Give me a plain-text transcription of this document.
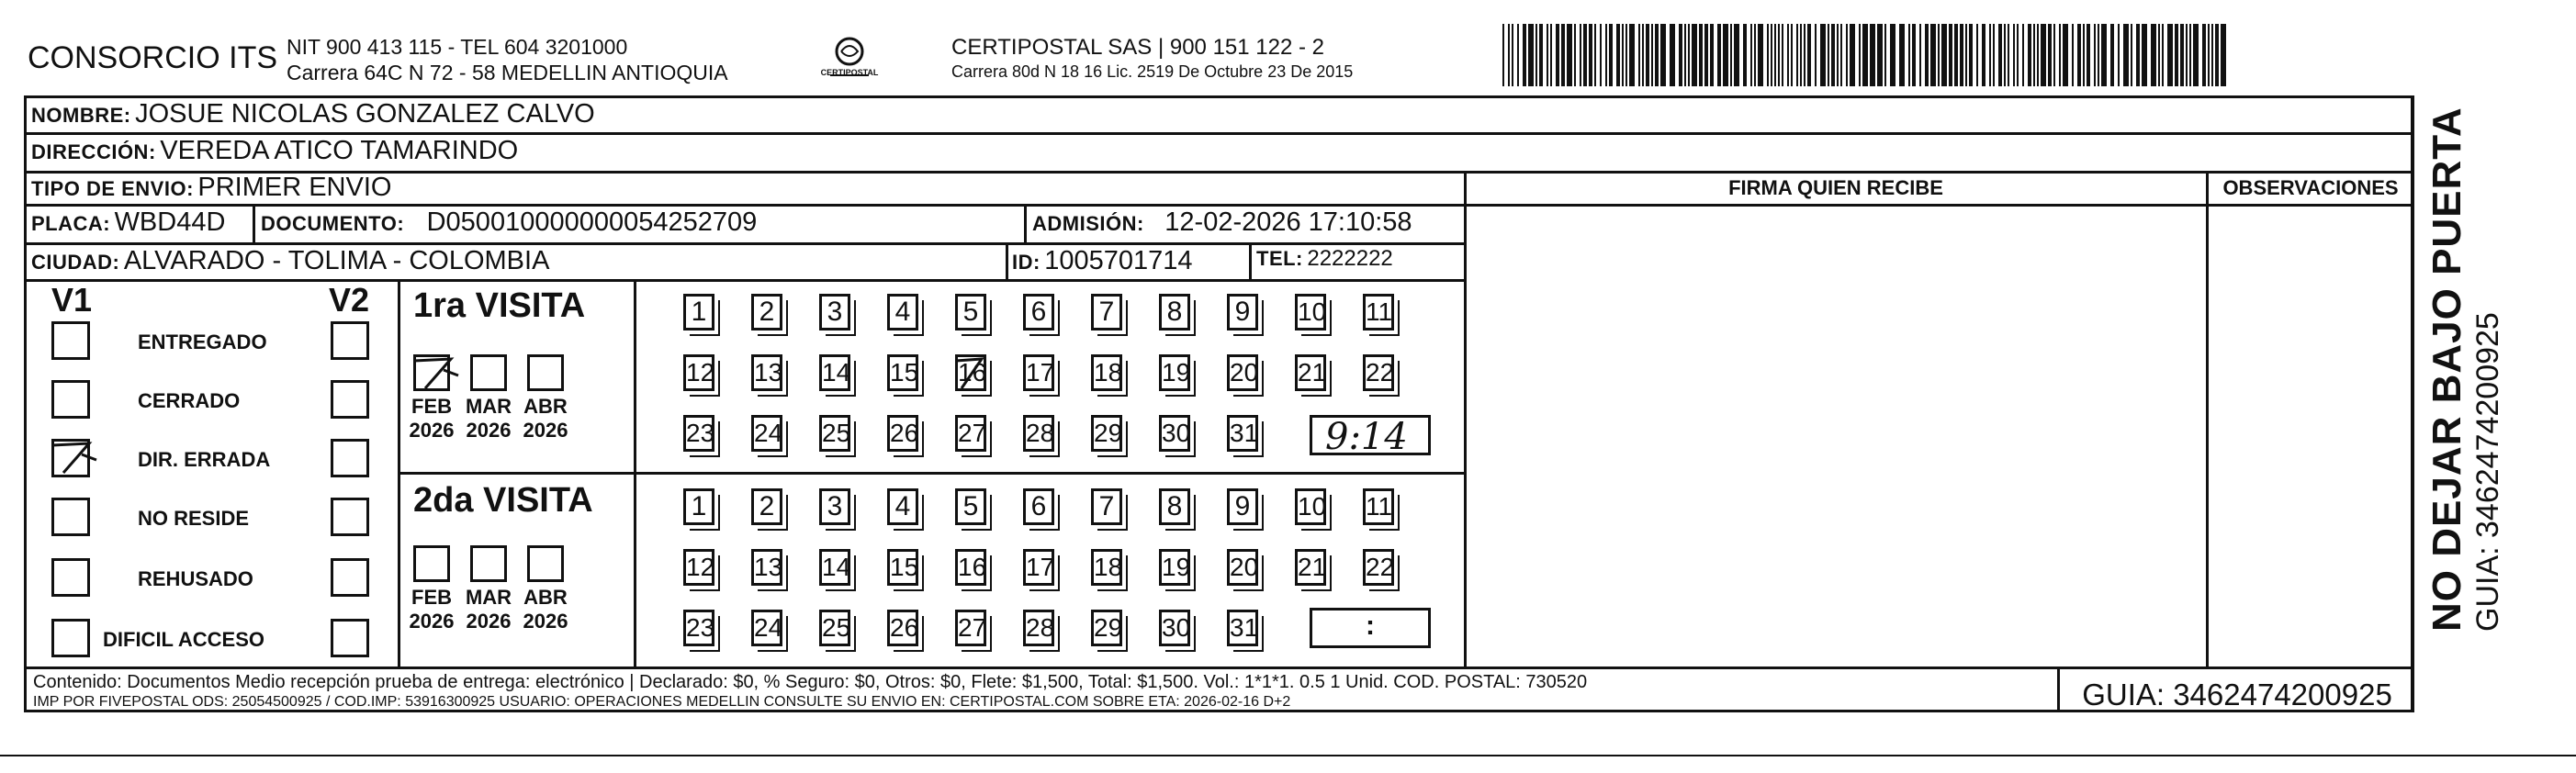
CONSORCIO ITS NIT 900 413 115 - TEL 604 3201000
Carrera 64C N 72 - 58 MEDELLIN ANTIOQUIA	CERTIPOSTAL
CERTIPOSTAL SAS | 900 151 122 - 2
Carrera 80d N 18 16 Lic. 2519 De Octubre 23 De 2015
NOMBRE: JOSUE NICOLAS GONZALEZ CALVO
DIRECCIÓN: VEREDA ATICO TAMARINDO
TIPO DE ENVIO: PRIMER ENVIO
PLACA: WBD44D DOCUMENTO: D050010000000054252709	ADMISIÓN: 12-02-2026 17:10:58
CIUDAD: ALVARADO - TOLIMA - COLOMBIA	ID: 1005701714	TEL: 2222222
FIRMA QUIEN RECIBE	OBSERVACIONES
V1	V2
ENTREGADO
CERRADO
DIR. ERRADA
NO RESIDE
REHUSADO
DIFICIL ACCESO
1ra VISITA
2da VISITA
FEB
2026
MAR
2026
ABR
2026
FEB
2026
MAR
2026
ABR
2026
1 2 3 4 5 6 7 8 9	10 11
12 13 14 15 16 17 18 19 20 21 22
23 24 25 26 27 28 29 30 31
1 2 3 4 5 6 7 8 9	10 11
12 13 14 15 16 17 18 19 20 21 22
23 24 25 26 27 28 29 30 31
9:14
:
Contenido: Documentos Medio recepción prueba de entrega: electrónico | Declarado: $0, % Seguro: $0, Otros: $0, Flete: $1,500, Total: $1,500. Vol.: 1*1*1. 0.5 1 Unid. COD. POSTAL: 730520
IMP POR FIVEPOSTAL ODS: 25054500925 / COD.IMP: 53916300925 USUARIO: OPERACIONES MEDELLIN CONSULTE SU ENVIO EN: CERTIPOSTAL.COM SOBRE ETA: 2026-02-16 D+2	GUIA: 3462474200925
NO DEJAR BAJO PUERTA GUIA: 3462474200925
